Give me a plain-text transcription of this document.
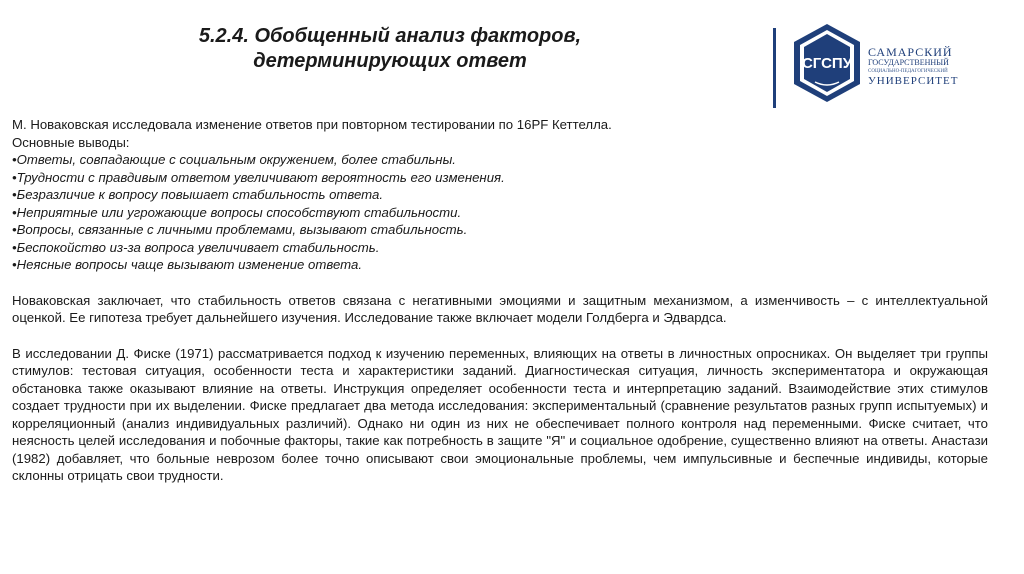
5.2.4. Обобщенный анализ факторов,
детерминирующих ответ	СГСПУ
САМАРСКИЙ
ГОСУДАРСТВЕННЫЙ
СОЦИАЛЬНО-ПЕДАГОГИЧЕСКИЙ
УНИВЕРСИТЕТ

М. Новаковская исследовала изменение ответов при повторном тестировании по 16PF Кеттелла.

Основные выводы:

•Ответы, совпадающие с социальным окружением, более стабильны.
•Трудности с правдивым ответом увеличивают вероятность его изменения.
•Безразличие к вопросу повышает стабильность ответа.
•Неприятные или угрожающие вопросы способствуют стабильности.
•Вопросы, связанные с личными проблемами, вызывают стабильность.
•Беспокойство из-за вопроса увеличивает стабильность.
•Неясные вопросы чаще вызывают изменение ответа.

Новаковская заключает, что стабильность ответов связана с негативными эмоциями и защитным механизмом, а изменчивость – с интеллектуальной оценкой. Ее гипотеза требует дальнейшего изучения. Исследование также включает модели Голдберга и Эдвардса.

В исследовании Д. Фиске (1971) рассматривается подход к изучению переменных, влияющих на ответы в личностных опросниках. Он выделяет три группы стимулов: тестовая ситуация, особенности теста и характеристики заданий. Диагностическая ситуация, личность экспериментатора и окружающая обстановка также оказывают влияние на ответы. Инструкция определяет особенности теста и интерпретацию заданий. Взаимодействие этих стимулов создает трудности при их выделении. Фиске предлагает два метода исследования: экспериментальный (сравнение результатов разных групп испытуемых) и корреляционный (анализ индивидуальных различий). Однако ни один из них не обеспечивает полного контроля над переменными. Фиске считает, что неясность целей исследования и побочные факторы, такие как потребность в защите "Я" и социальное одобрение, существенно влияют на ответы. Анастази (1982) добавляет, что больные неврозом более точно описывают свои эмоциональные проблемы, чем импульсивные и беспечные индивиды, которые склонны отрицать свои трудности.
